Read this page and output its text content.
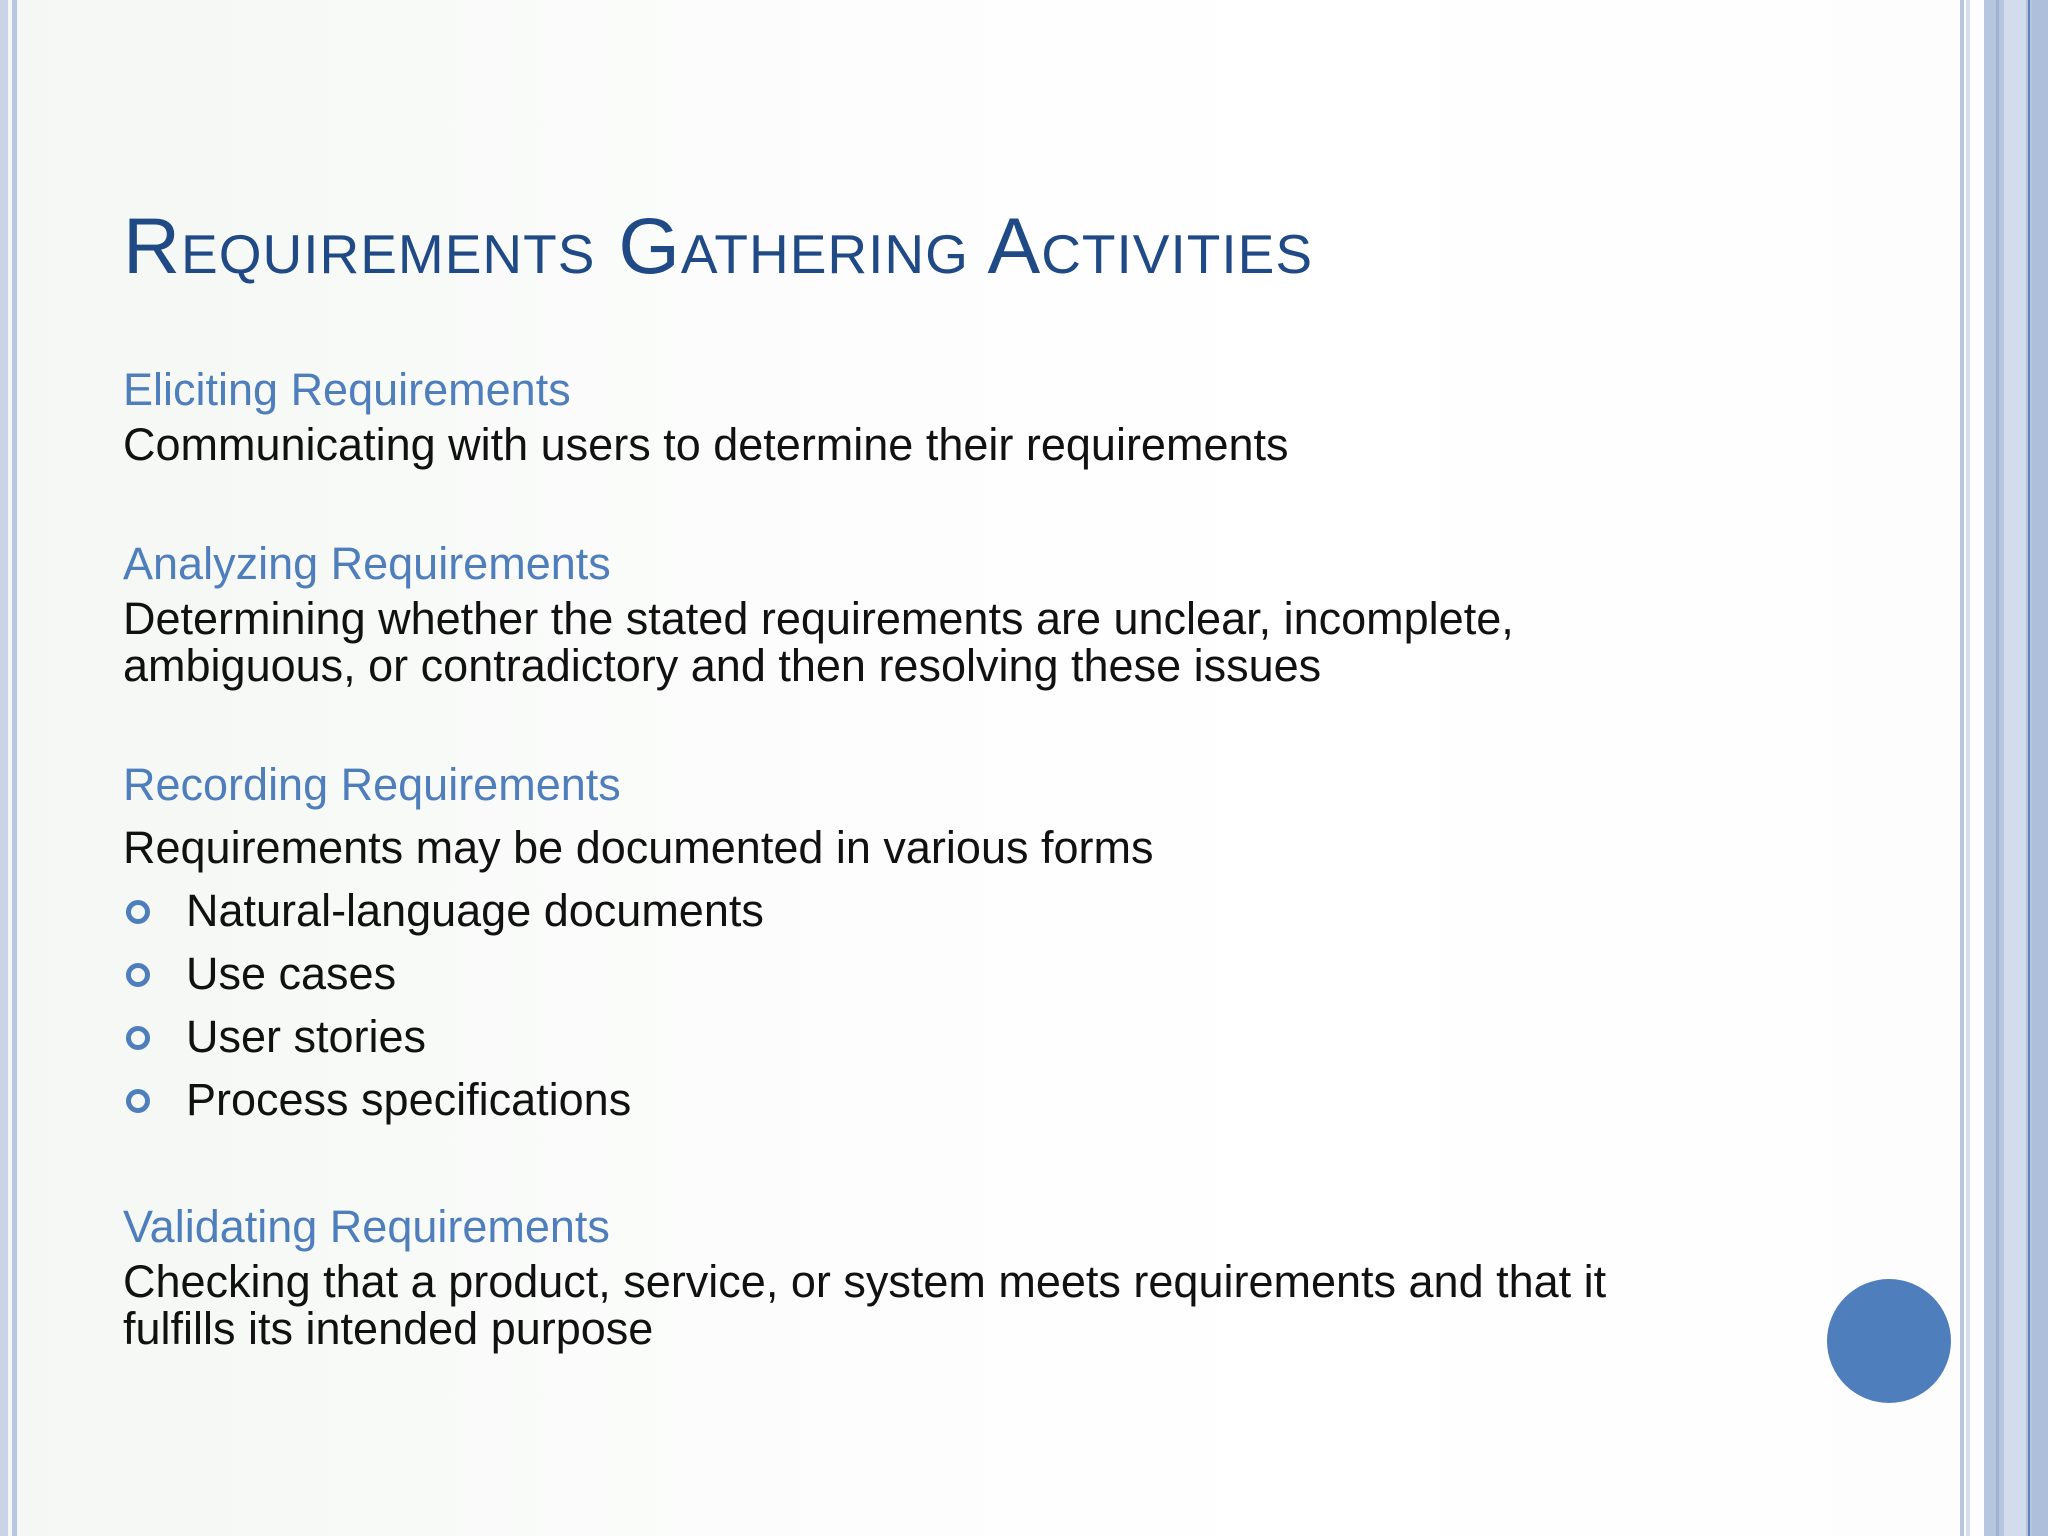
Requirements Gathering Activities
Eliciting Requirements
Communicating with users to determine their requirements
Analyzing Requirements
Determining whether the stated requirements are unclear, incomplete,
ambiguous, or contradictory and then resolving these issues
Recording Requirements
Requirements may be documented in various forms
Natural-language documents
Use cases
User stories
Process specifications
Validating Requirements
Checking that a product, service, or system meets requirements and that it
fulfills its intended purpose
